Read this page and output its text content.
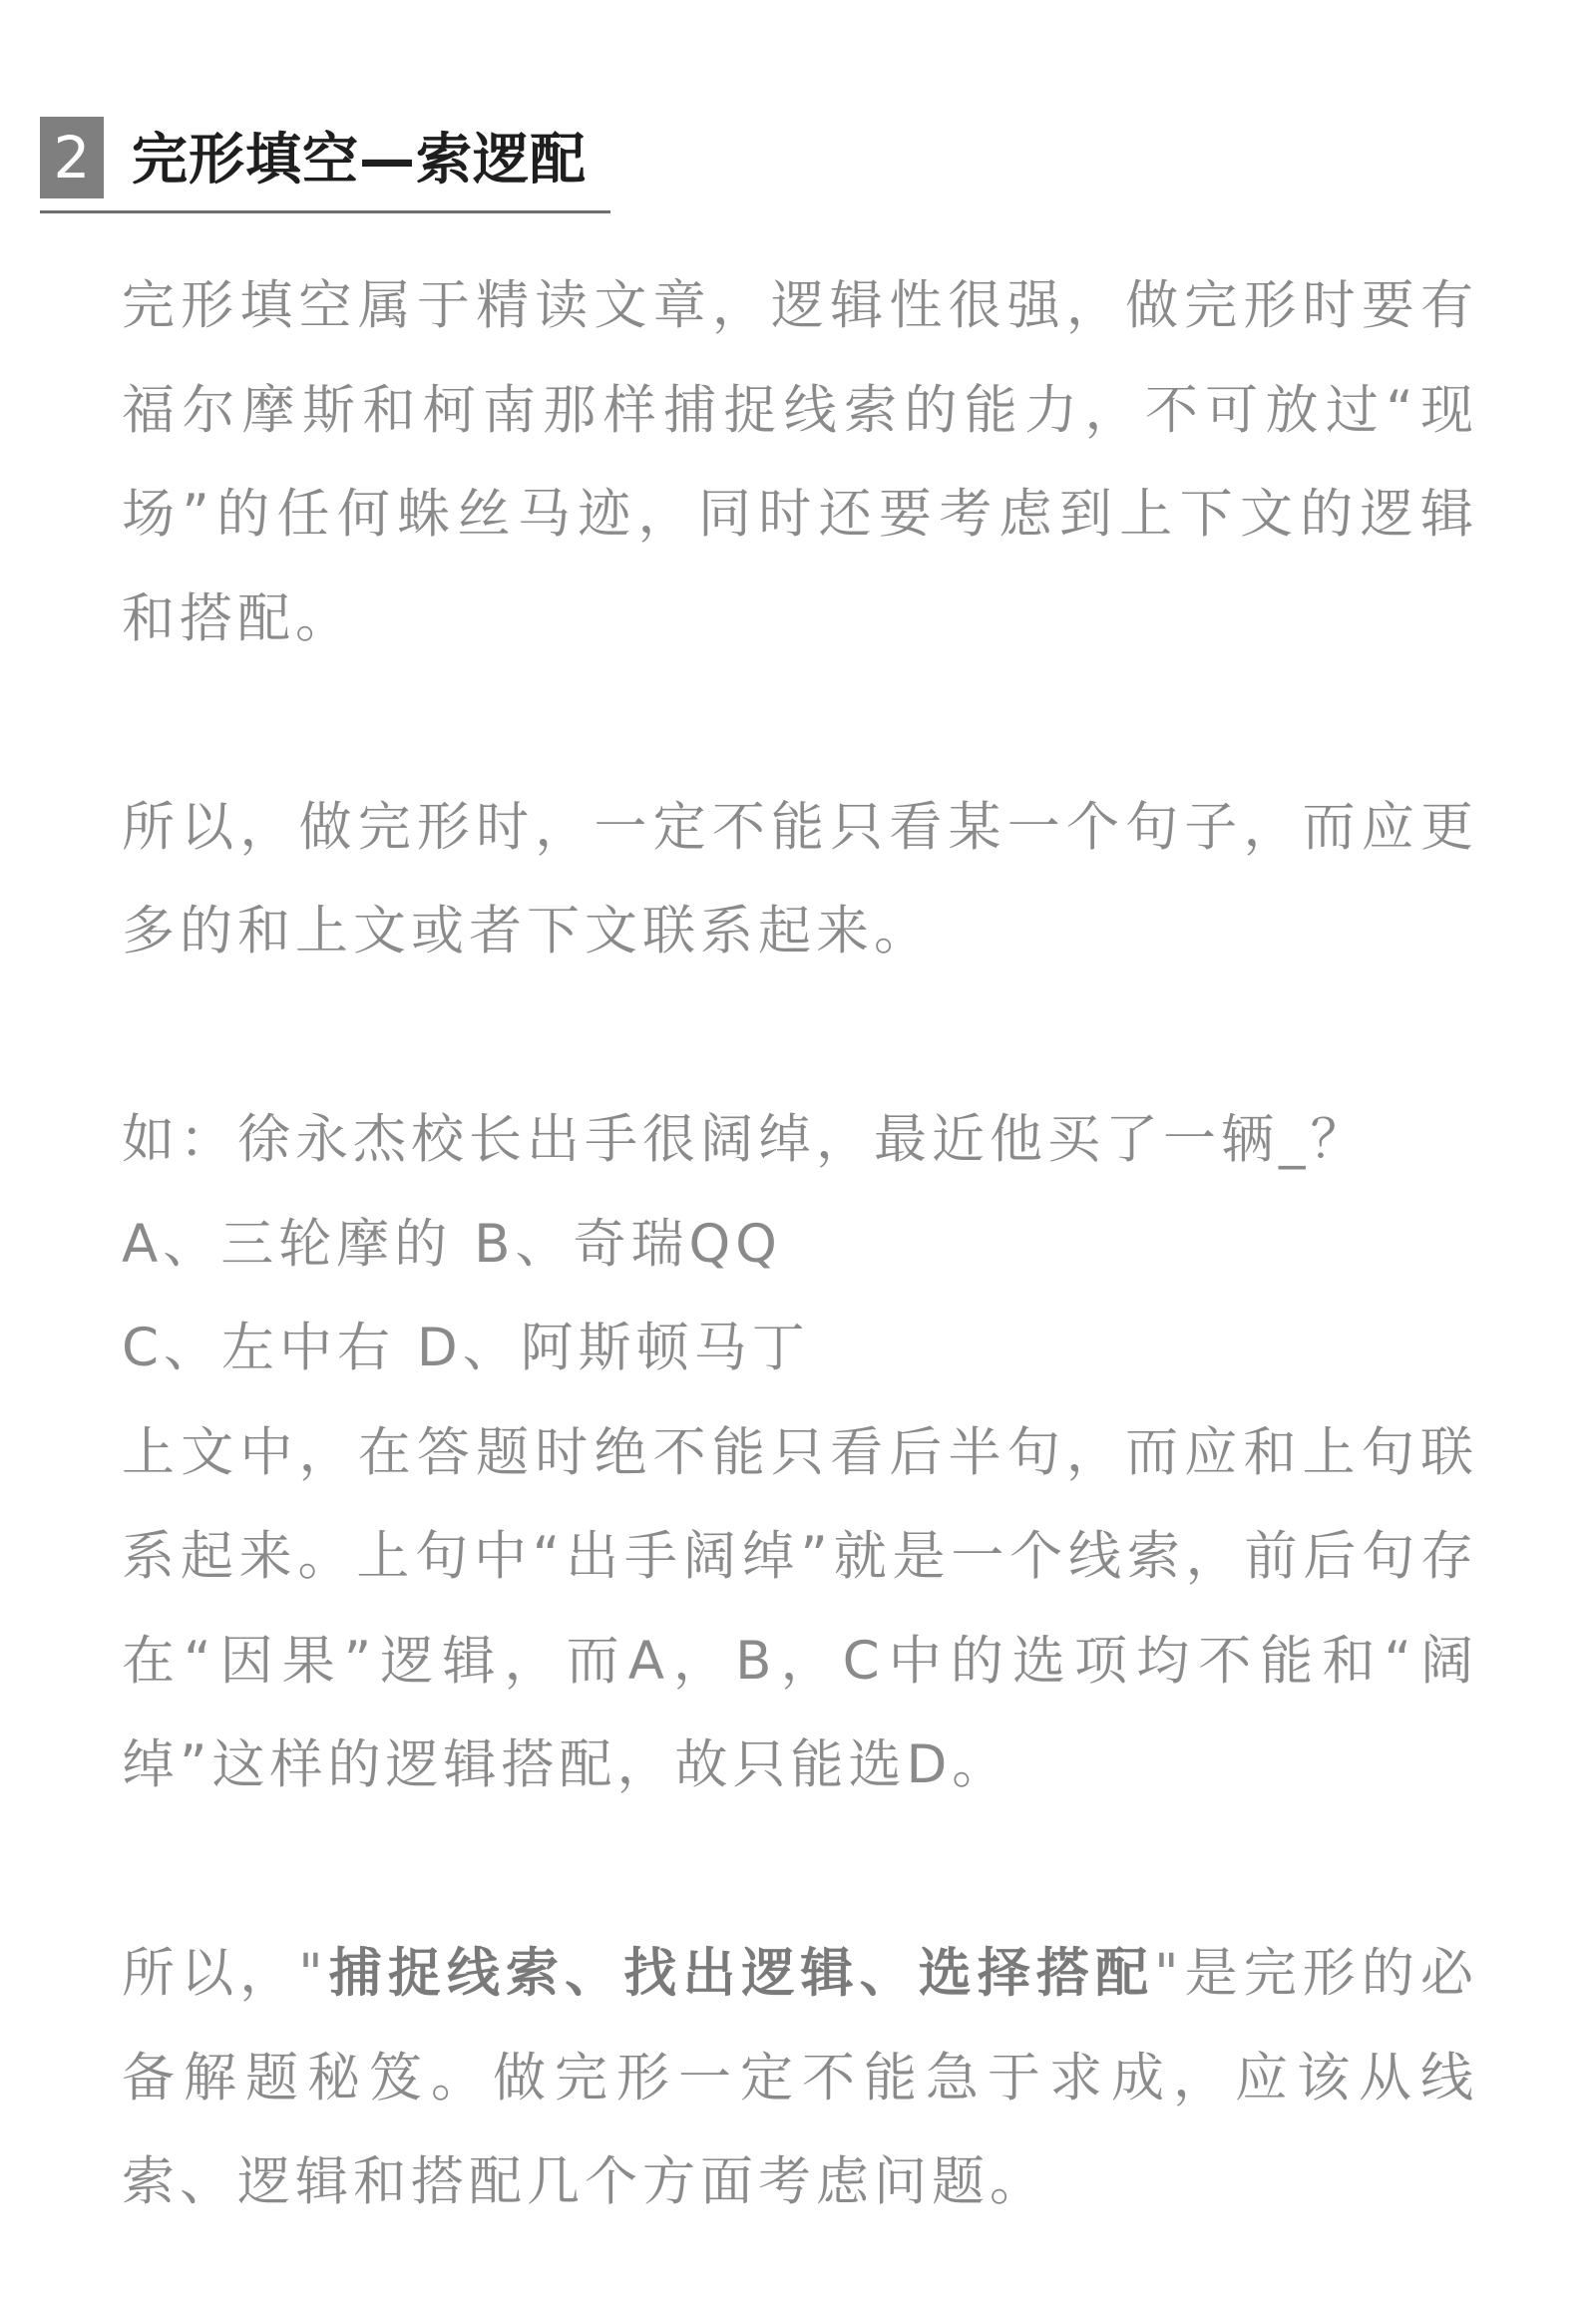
2 完形填空—索逻配

完形填空属于精读文章，逻辑性很强，做完形时要有福尔摩斯和柯南那样捕捉线索的能力，不可放过“现场”的任何蛛丝马迹，同时还要考虑到上下文的逻辑和搭配。

所以，做完形时，一定不能只看某一个句子，而应更多的和上文或者下文联系起来。

如：徐永杰校长出手很阔绰，最近他买了一辆_？

A、三轮摩的 B、奇瑞QQ

C、左中右 D、阿斯顿马丁

上文中，在答题时绝不能只看后半句，而应和上句联系起来。上句中“出手阔绰”就是一个线索，前后句存在“因果”逻辑，而A，B，C中的选项均不能和“阔绰”这样的逻辑搭配，故只能选D。

所以，"捕捉线索、找出逻辑、选择搭配"是完形的必备解题秘笈。做完形一定不能急于求成，应该从线索、逻辑和搭配几个方面考虑问题。
